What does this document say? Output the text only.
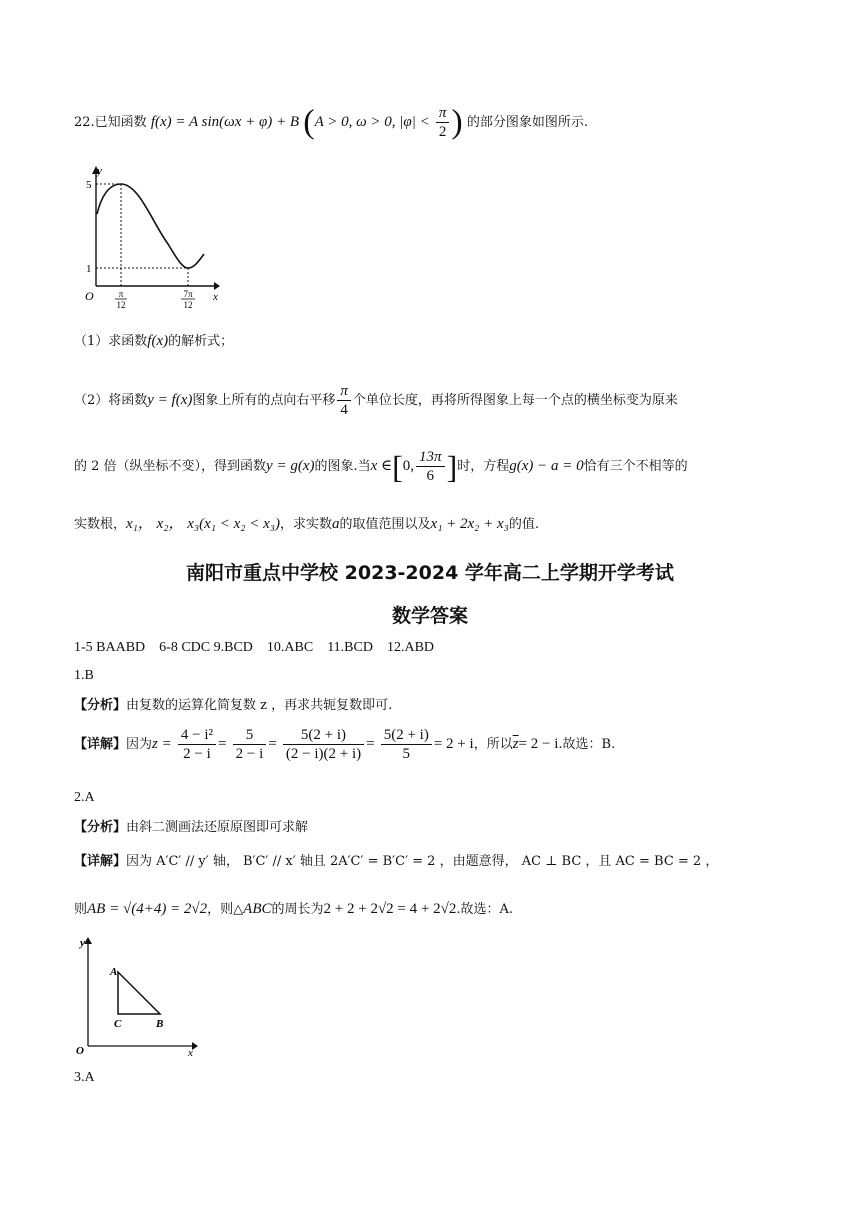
22.已知函数 f(x) = A sin(ωx + φ) + B (A > 0, ω > 0, $|\varphi| < \frac{\pi}{2}$ ) 的部分图象如图所示.
y
x
O
5
1
π
12
7π
12
（1）求函数f(x)的解析式；
（2）将函数y = f(x)图象上所有的点向右平移 $\frac{\pi}{4}$ 个单位长度，再将所得图象上每一个点的横坐标变为原来
的 2 倍（纵坐标不变），得到函数y = g(x)的图象.当x ∈[0, $\frac{13\pi}{6}$ ]时，方程g(x) − a = 0恰有三个不相等的
实数根，x₁， x₂， x₃(x₁ < x₂ < x₃)，求实数a的取值范围以及x₁ + 2x₂ + x₃的值.
南阳市重点中学校 2023-2024 学年高二上学期开学考试
数学答案
1-5 BAABD    6-8 CDC 9.BCD    10.ABC    11.BCD    12.ABD
1.B
【分析】由复数的运算化简复数 z ，再求共轭复数即可.
【详解】因为$z = \frac{\text{4 − i²}}{2 - i} = \frac{5}{2 - i} = \frac{5(2 + i)}{(2 - i)(2 + i)} = \frac{5(2 + i)}{5} = 2 + i$，所以$\overline{z}= 2 - i$.故选：B.
2.A
【分析】由斜二测画法还原原图即可求解
【详解】因为 A′C′ // y′ 轴， B′C′ // x′ 轴且 2A′C′ = B′C′ = 2 ，由题意得， AC ⊥ BC ，且 AC = BC = 2 ，
则AB = √(4+4) = 2√2，则△ABC的周长为2 + 2 + 2√2 = 4 + 2√2.故选：A.
y
x
O
A
C	B
3.A
